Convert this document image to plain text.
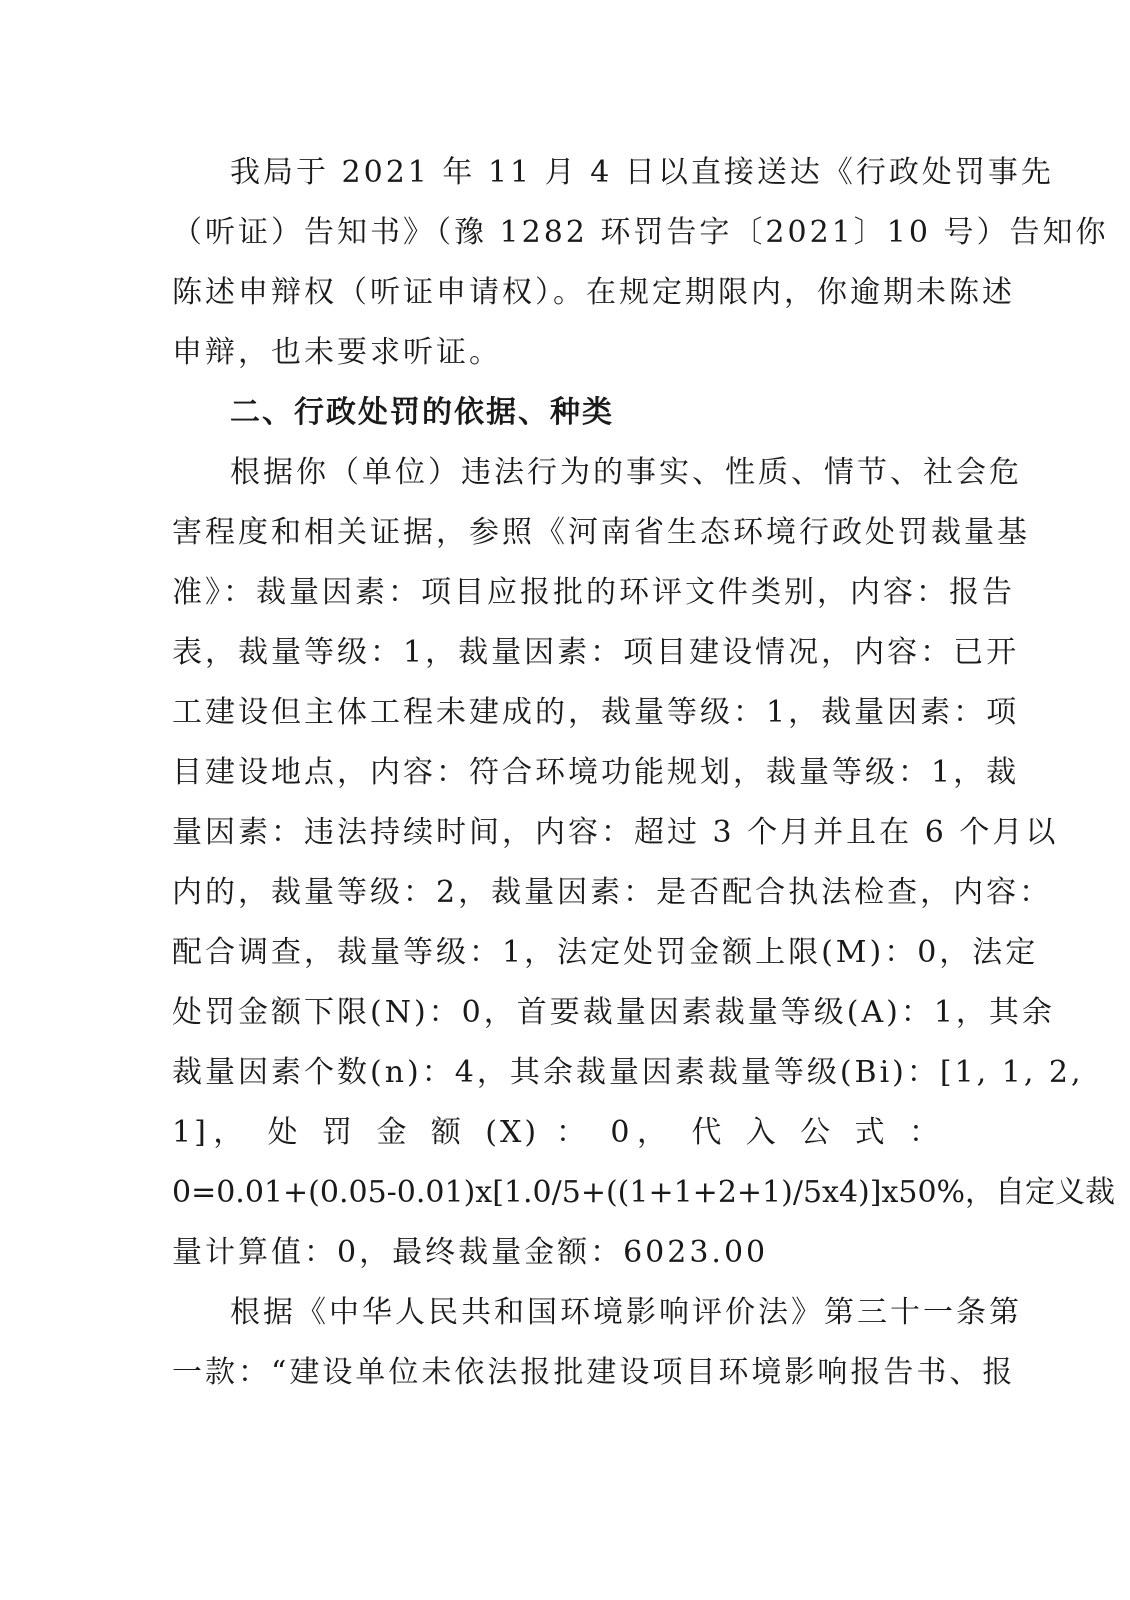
我局于 2021 年 11 月 4 日以直接送达《行政处罚事先
（听证）告知书》（豫 1282 环罚告字〔2021〕10 号）告知你
陈述申辩权（听证申请权）。在规定期限内，你逾期未陈述
申辩，也未要求听证。
二、行政处罚的依据、种类
根据你（单位）违法行为的事实、性质、情节、社会危
害程度和相关证据，参照《河南省生态环境行政处罚裁量基
准》：裁量因素：项目应报批的环评文件类别，内容：报告
表，裁量等级：1，裁量因素：项目建设情况，内容：已开
工建设但主体工程未建成的，裁量等级：1，裁量因素：项
目建设地点，内容：符合环境功能规划，裁量等级：1，裁
量因素：违法持续时间，内容：超过 3 个月并且在 6 个月以
内的，裁量等级：2，裁量因素：是否配合执法检查，内容：
配合调查，裁量等级：1，法定处罚金额上限(M)：0，法定
处罚金额下限(N)：0，首要裁量因素裁量等级(A)：1，其余
裁量因素个数(n)：4，其余裁量因素裁量等级(Bi)：[1, 1, 2,
1]， 处 罚 金 额 (X) ： 0， 代 入 公 式 ：
0=0.01+(0.05-0.01)x[1.0/5+((1+1+2+1)/5x4)]x50%，自定义裁
量计算值：0，最终裁量金额：6023.00
根据《中华人民共和国环境影响评价法》第三十一条第
一款：“建设单位未依法报批建设项目环境影响报告书、报
